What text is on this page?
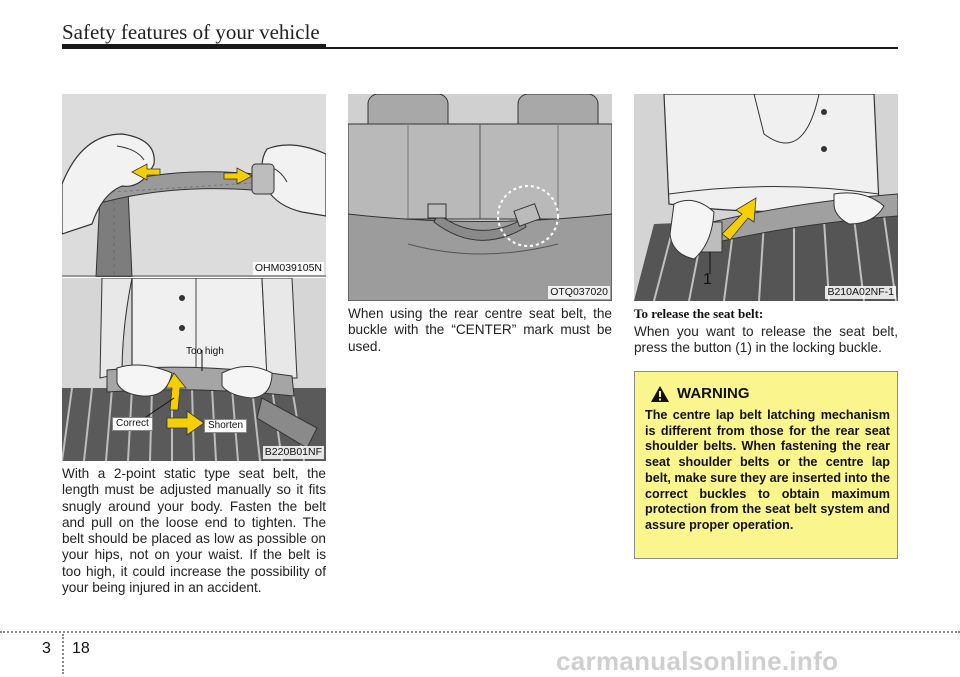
Safety features of your vehicle
OHM039105N
Too high
Correct	Shorten
B220B01NF
With a 2-point static type seat belt, the length must be adjusted manually so it fits snugly around your body. Fasten the belt and pull on the loose end to tighten. The belt should be placed as low as possible on your hips, not on your waist. If the belt is too high, it could increase the possibility of your being injured in an accident.
OTQ037020
When using the rear centre seat belt, the buckle with the “CENTER” mark must be used.
1
B210A02NF-1
To release the seat belt:
When you want to release the seat belt, press the button (1) in the locking buckle.
WARNING
The centre lap belt latching mechanism is different from those for the rear seat shoulder belts. When fastening the rear seat shoulder belts or the centre lap belt, make sure they are inserted into the correct buckles to obtain maximum protection from the seat belt system and assure proper operation.
3 18	carmanualsonline.info
